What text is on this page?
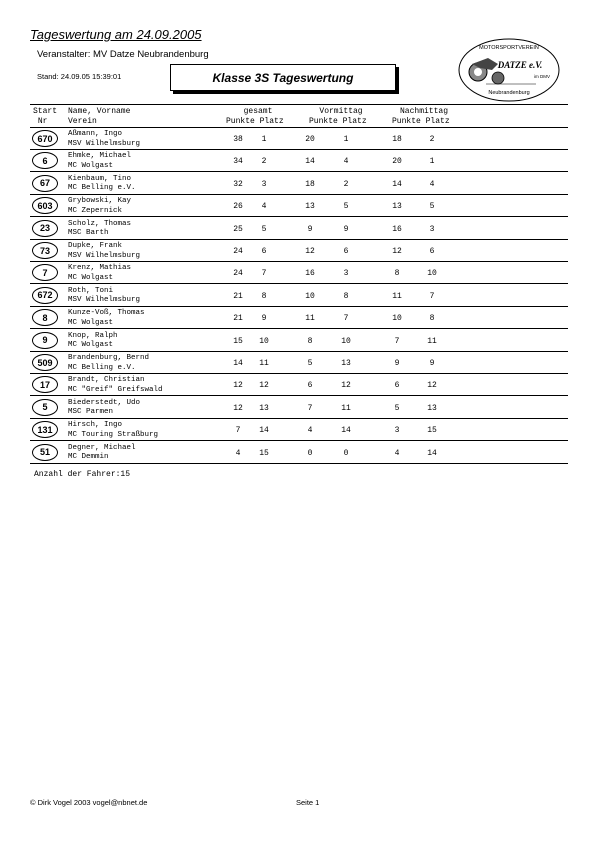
Tageswertung am 24.09.2005
Veranstalter: MV Datze Neubrandenburg
Stand: 24.09.05 15:39:01	Klasse 3S Tageswertung
MOTORSPORTVEREIN
DATZE e.V.
im DMV
Neubrandenburg
Start
Nr
Name, Vorname
Verein
gesamt
Punkte Platz
Vormittag
Punkte Platz
Nachmittag
Punkte Platz
670	Aßmann, Ingo
MSV Wilhelmsburg	38	1	20	1	18	2
6	Ehmke, Michael
MC Wolgast	34	2	14	4	20	1
67	Kienbaum, Tino
MC Belling e.V.	32	3	18	2	14	4
603	Grybowski, Kay
MC Zepernick	26	4	13	5	13	5
23	Scholz, Thomas
MSC Barth	25	5	9	9	16	3
73	Dupke, Frank
MSV Wilhelmsburg	24	6	12	6	12	6
7	Krenz, Mathias
MC Wolgast	24	7	16	3	8	10
672	Roth, Toni
MSV Wilhelmsburg	21	8	10	8	11	7
8	Kunze-Voß, Thomas
MC Wolgast	21	9	11	7	10	8
9	Knop, Ralph
MC Wolgast	15	10	8	10	7	11
509	Brandenburg, Bernd
MC Belling e.V.	14	11	5	13	9	9
17	Brandt, Christian
MC "Greif" Greifswald	12	12	6	12	6	12
5	Biederstedt, Udo
MSC Parmen	12	13	7	11	5	13
131	Hirsch, Ingo
MC Touring Straßburg	7	14	4	14	3	15
51	Degner, Michael
MC Demmin	4	15	0	0	4	14
Anzahl der Fahrer:15
© Dirk Vogel 2003 vogel@nbnet.de	Seite 1
